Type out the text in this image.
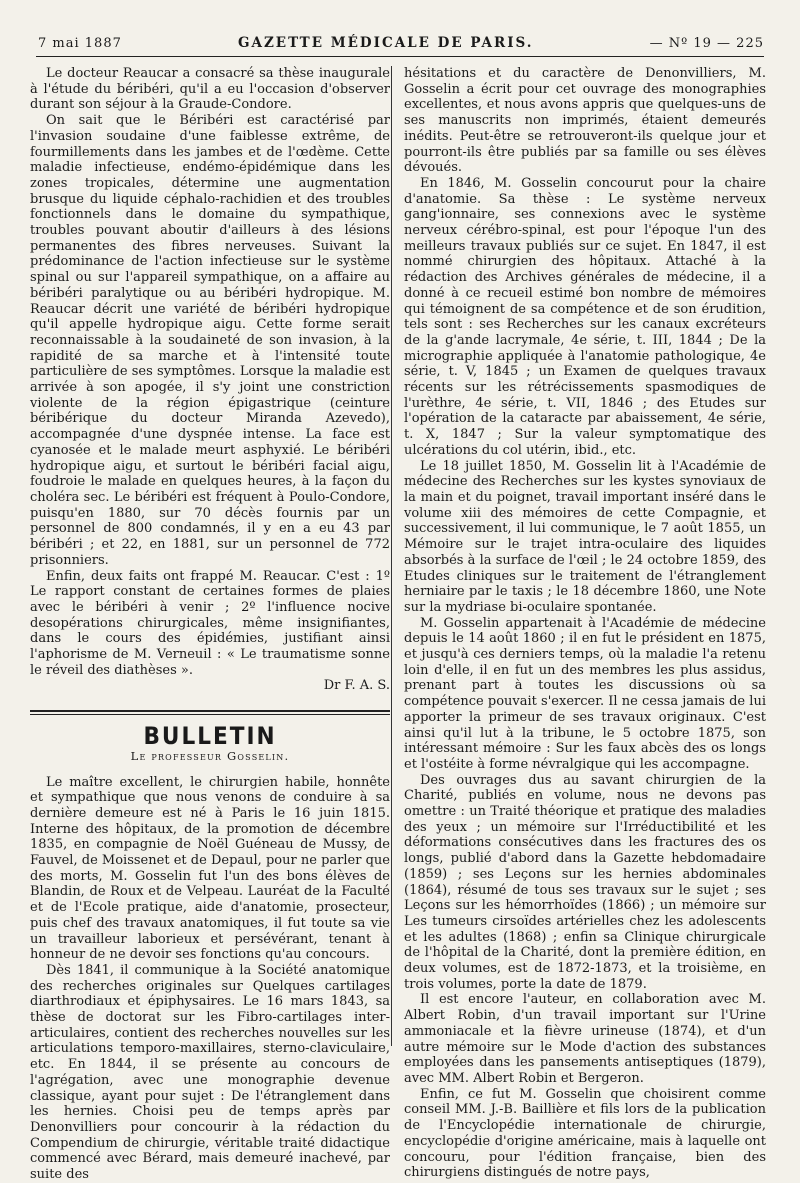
7 mai 1887	GAZETTE MÉDICALE DE PARIS.	— Nº 19 — 225

Le docteur Reaucar a consacré sa thèse inaugurale à l'étude du béribéri, qu'il a eu l'occasion d'observer durant son séjour à la Graude-Condore.

On sait que le Béribéri est caractérisé par l'invasion soudaine d'une faiblesse extrême, de fourmillements dans les jambes et de l'œdème. Cette maladie infectieuse, endémo-épidémique dans les zones tropicales, détermine une augmentation brusque du liquide céphalo-rachidien et des troubles fonctionnels dans le domaine du sympathique, troubles pouvant aboutir d'ailleurs à des lésions permanentes des fibres nerveuses. Suivant la prédominance de l'action infectieuse sur le système spinal ou sur l'appareil sympathique, on a affaire au béribéri paralytique ou au béribéri hydropique. M. Reaucar décrit une variété de béribéri hydropique qu'il appelle hydropique aigu. Cette forme serait reconnaissable à la soudaineté de son invasion, à la rapidité de sa marche et à l'intensité toute particulière de ses symptômes. Lorsque la maladie est arrivée à son apogée, il s'y joint une constriction violente de la région épigastrique (ceinture béribérique du docteur Miranda Azevedo), accompagnée d'une dyspnée intense. La face est cyanosée et le malade meurt asphyxié. Le béribéri hydropique aigu, et surtout le béribéri facial aigu, foudroie le malade en quelques heures, à la façon du choléra sec. Le béribéri est fréquent à Poulo-Condore, puisqu'en 1880, sur 70 décès fournis par un personnel de 800 condamnés, il y en a eu 43 par béribéri ; et 22, en 1881, sur un personnel de 772 prisonniers.

Enfin, deux faits ont frappé M. Reaucar. C'est : 1º Le rapport constant de certaines formes de plaies avec le béribéri à venir ; 2º l'influence nocive desopérations chirurgicales, même insignifiantes, dans le cours des épidémies, justifiant ainsi l'aphorisme de M. Verneuil : « Le traumatisme sonne le réveil des diathèses ».

Dr F. A. S.

BULLETIN
Le professeur Gosselin.

Le maître excellent, le chirurgien habile, honnête et sympathique que nous venons de conduire à sa dernière demeure est né à Paris le 16 juin 1815. Interne des hôpitaux, de la promotion de décembre 1835, en compagnie de Noël Guéneau de Mussy, de Fauvel, de Moissenet et de Depaul, pour ne parler que des morts, M. Gosselin fut l'un des bons élèves de Blandin, de Roux et de Velpeau. Lauréat de la Faculté et de l'Ecole pratique, aide d'anatomie, prosecteur, puis chef des travaux anatomiques, il fut toute sa vie un travailleur laborieux et persévérant, tenant à honneur de ne devoir ses fonctions qu'au concours.

Dès 1841, il communique à la Société anatomique des recherches originales sur Quelques cartilages diarthrodiaux et épiphysaires. Le 16 mars 1843, sa thèse de doctorat sur les Fibro-cartilages inter-articulaires, contient des recherches nouvelles sur les articulations temporo-maxillaires, sterno-claviculaire, etc. En 1844, il se présente au concours de l'agrégation, avec une monographie devenue classique, ayant pour sujet : De l'étranglement dans les hernies. Choisi peu de temps après par Denonvilliers pour concourir à la rédaction du Compendium de chirurgie, véritable traité didactique commencé avec Bérard, mais demeuré inachevé, par suite des

hésitations et du caractère de Denonvilliers, M. Gosselin a écrit pour cet ouvrage des monographies excellentes, et nous avons appris que quelques-uns de ses manuscrits non imprimés, étaient demeurés inédits. Peut-être se retrouveront-ils quelque jour et pourront-ils être publiés par sa famille ou ses élèves dévoués.

En 1846, M. Gosselin concourut pour la chaire d'anatomie. Sa thèse : Le système nerveux gang'ionnaire, ses connexions avec le système nerveux cérébro-spinal, est pour l'époque l'un des meilleurs travaux publiés sur ce sujet. En 1847, il est nommé chirurgien des hôpitaux. Attaché à la rédaction des Archives générales de médecine, il a donné à ce recueil estimé bon nombre de mémoires qui témoignent de sa compétence et de son érudition, tels sont : ses Recherches sur les canaux excréteurs de la g'ande lacrymale, 4e série, t. III, 1844 ; De la micrographie appliquée à l'anatomie pathologique, 4e série, t. V, 1845 ; un Examen de quelques travaux récents sur les rétrécissements spasmodiques de l'urèthre, 4e série, t. VII, 1846 ; des Etudes sur l'opération de la cataracte par abaissement, 4e série, t. X, 1847 ; Sur la valeur symptomatique des ulcérations du col utérin, ibid., etc.

Le 18 juillet 1850, M. Gosselin lit à l'Académie de médecine des Recherches sur les kystes synoviaux de la main et du poignet, travail important inséré dans le volume xiii des mémoires de cette Compagnie, et successivement, il lui communique, le 7 août 1855, un Mémoire sur le trajet intra-oculaire des liquides absorbés à la surface de l'œil ; le 24 octobre 1859, des Etudes cliniques sur le traitement de l'étranglement herniaire par le taxis ; le 18 décembre 1860, une Note sur la mydriase bi-oculaire spontanée.

M. Gosselin appartenait à l'Académie de médecine depuis le 14 août 1860 ; il en fut le président en 1875, et jusqu'à ces derniers temps, où la maladie l'a retenu loin d'elle, il en fut un des membres les plus assidus, prenant part à toutes les discussions où sa compétence pouvait s'exercer. Il ne cessa jamais de lui apporter la primeur de ses travaux originaux. C'est ainsi qu'il lut à la tribune, le 5 octobre 1875, son intéressant mémoire : Sur les faux abcès des os longs et l'ostéite à forme névralgique qui les accompagne.

Des ouvrages dus au savant chirurgien de la Charité, publiés en volume, nous ne devons pas omettre : un Traité théorique et pratique des maladies des yeux ; un mémoire sur l'Irréductibilité et les déformations consécutives dans les fractures des os longs, publié d'abord dans la Gazette hebdomadaire (1859) ; ses Leçons sur les hernies abdominales (1864), résumé de tous ses travaux sur le sujet ; ses Leçons sur les hémorrhoïdes (1866) ; un mémoire sur Les tumeurs cirsoïdes artérielles chez les adolescents et les adultes (1868) ; enfin sa Clinique chirurgicale de l'hôpital de la Charité, dont la première édition, en deux volumes, est de 1872-1873, et la troisième, en trois volumes, porte la date de 1879.

Il est encore l'auteur, en collaboration avec M. Albert Robin, d'un travail important sur l'Urine ammoniacale et la fièvre urineuse (1874), et d'un autre mémoire sur le Mode d'action des substances employées dans les pansements antiseptiques (1879), avec MM. Albert Robin et Bergeron.

Enfin, ce fut M. Gosselin que choisirent comme conseil MM. J.-B. Baillière et fils lors de la publication de l'Encyclopédie internationale de chirurgie, encyclopédie d'origine américaine, mais à laquelle ont concouru, pour l'édition française, bien des chirurgiens distingués de notre pays,
